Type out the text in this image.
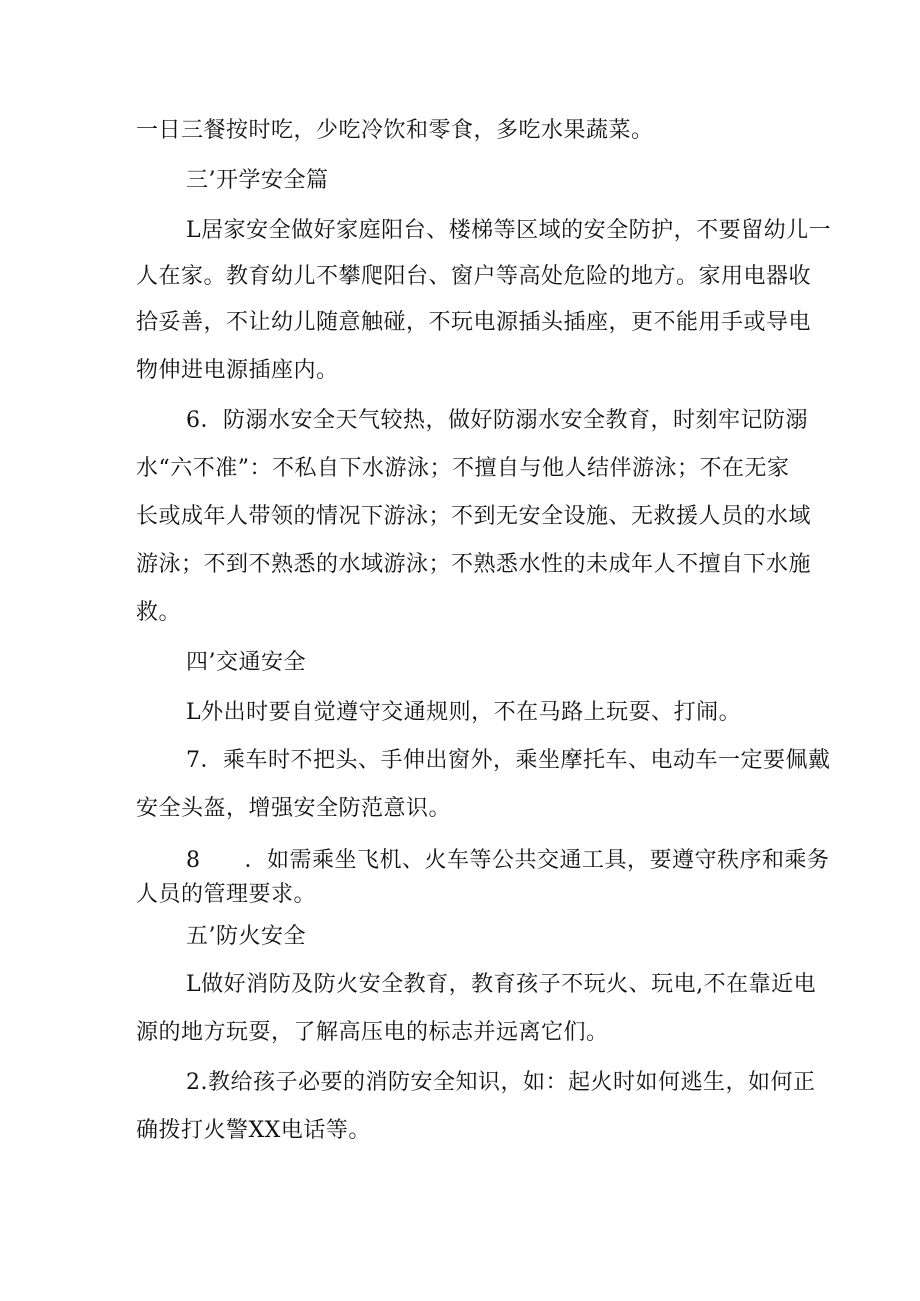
一日三餐按时吃，少吃冷饮和零食，多吃水果蔬菜。
三’开学安全篇
L居家安全做好家庭阳台、楼梯等区域的安全防护，不要留幼儿一
人在家。教育幼儿不攀爬阳台、窗户等高处危险的地方。家用电器收
拾妥善，不让幼儿随意触碰，不玩电源插头插座，更不能用手或导电
物伸进电源插座内。
6．防溺水安全天气较热，做好防溺水安全教育，时刻牢记防溺
水“六不准”：不私自下水游泳；不擅自与他人结伴游泳；不在无家
长或成年人带领的情况下游泳；不到无安全设施、无救援人员的水域
游泳；不到不熟悉的水域游泳；不熟悉水性的未成年人不擅自下水施
救。
四’交通安全
L外出时要自觉遵守交通规则，不在马路上玩耍、打闹。
7．乘车时不把头、手伸出窗外，乘坐摩托车、电动车一定要佩戴
安全头盔，增强安全防范意识。
8 ．如需乘坐飞机、火车等公共交通工具，要遵守秩序和乘务
人员的管理要求。
五’防火安全
L做好消防及防火安全教育，教育孩子不玩火、玩电,不在靠近电
源的地方玩耍，了解高压电的标志并远离它们。
2.教给孩子必要的消防安全知识，如：起火时如何逃生，如何正
确拨打火警XX电话等。
